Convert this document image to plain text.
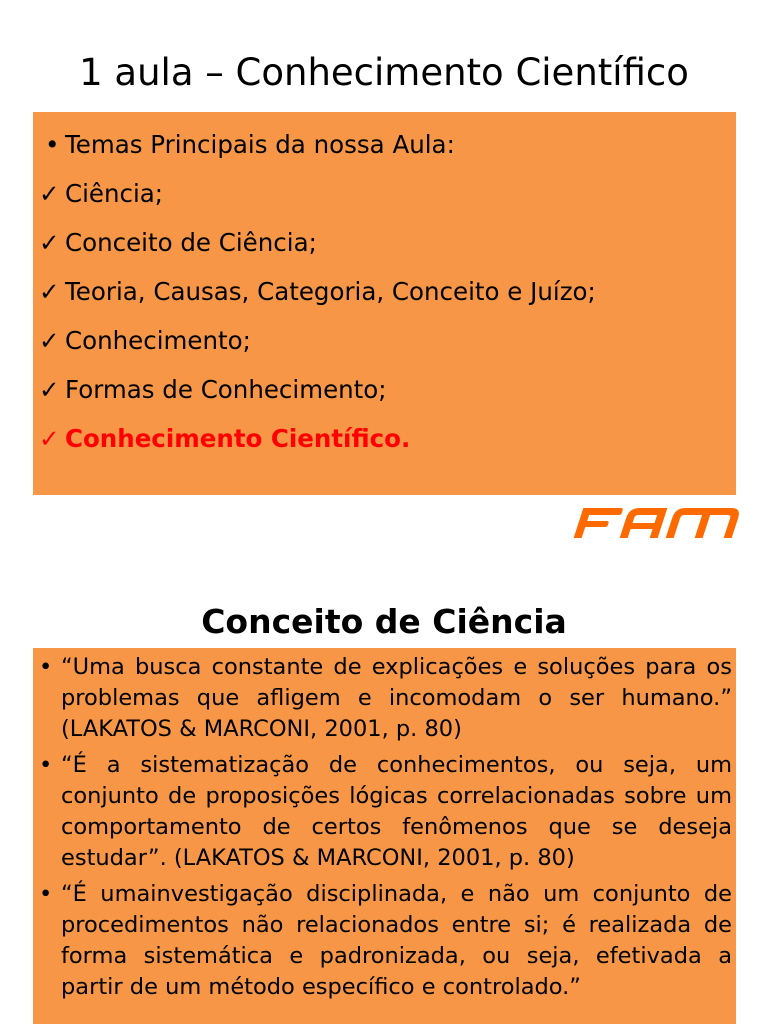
1 aula – Conhecimento Científico
• Temas Principais da nossa Aula:
✓ Ciência;
✓ Conceito de Ciência;
✓ Teoria, Causas, Categoria, Conceito e Juízo;
✓ Conhecimento;
✓ Formas de Conhecimento;
✓ Conhecimento Científico.
Conceito de Ciência
• “Uma busca constante de explicações e soluções para os problemas que afligem e incomodam o ser humano.” (LAKATOS & MARCONI, 2001, p. 80)
• “É a sistematização de conhecimentos, ou seja, um conjunto de proposições lógicas correlacionadas sobre um comportamento de certos fenômenos que se deseja estudar”. (LAKATOS & MARCONI, 2001, p. 80)
• “É umainvestigação disciplinada, e não um conjunto de procedimentos não relacionados entre si; é realizada de forma sistemática e padronizada, ou seja, efetivada a partir de um método específico e controlado.”
